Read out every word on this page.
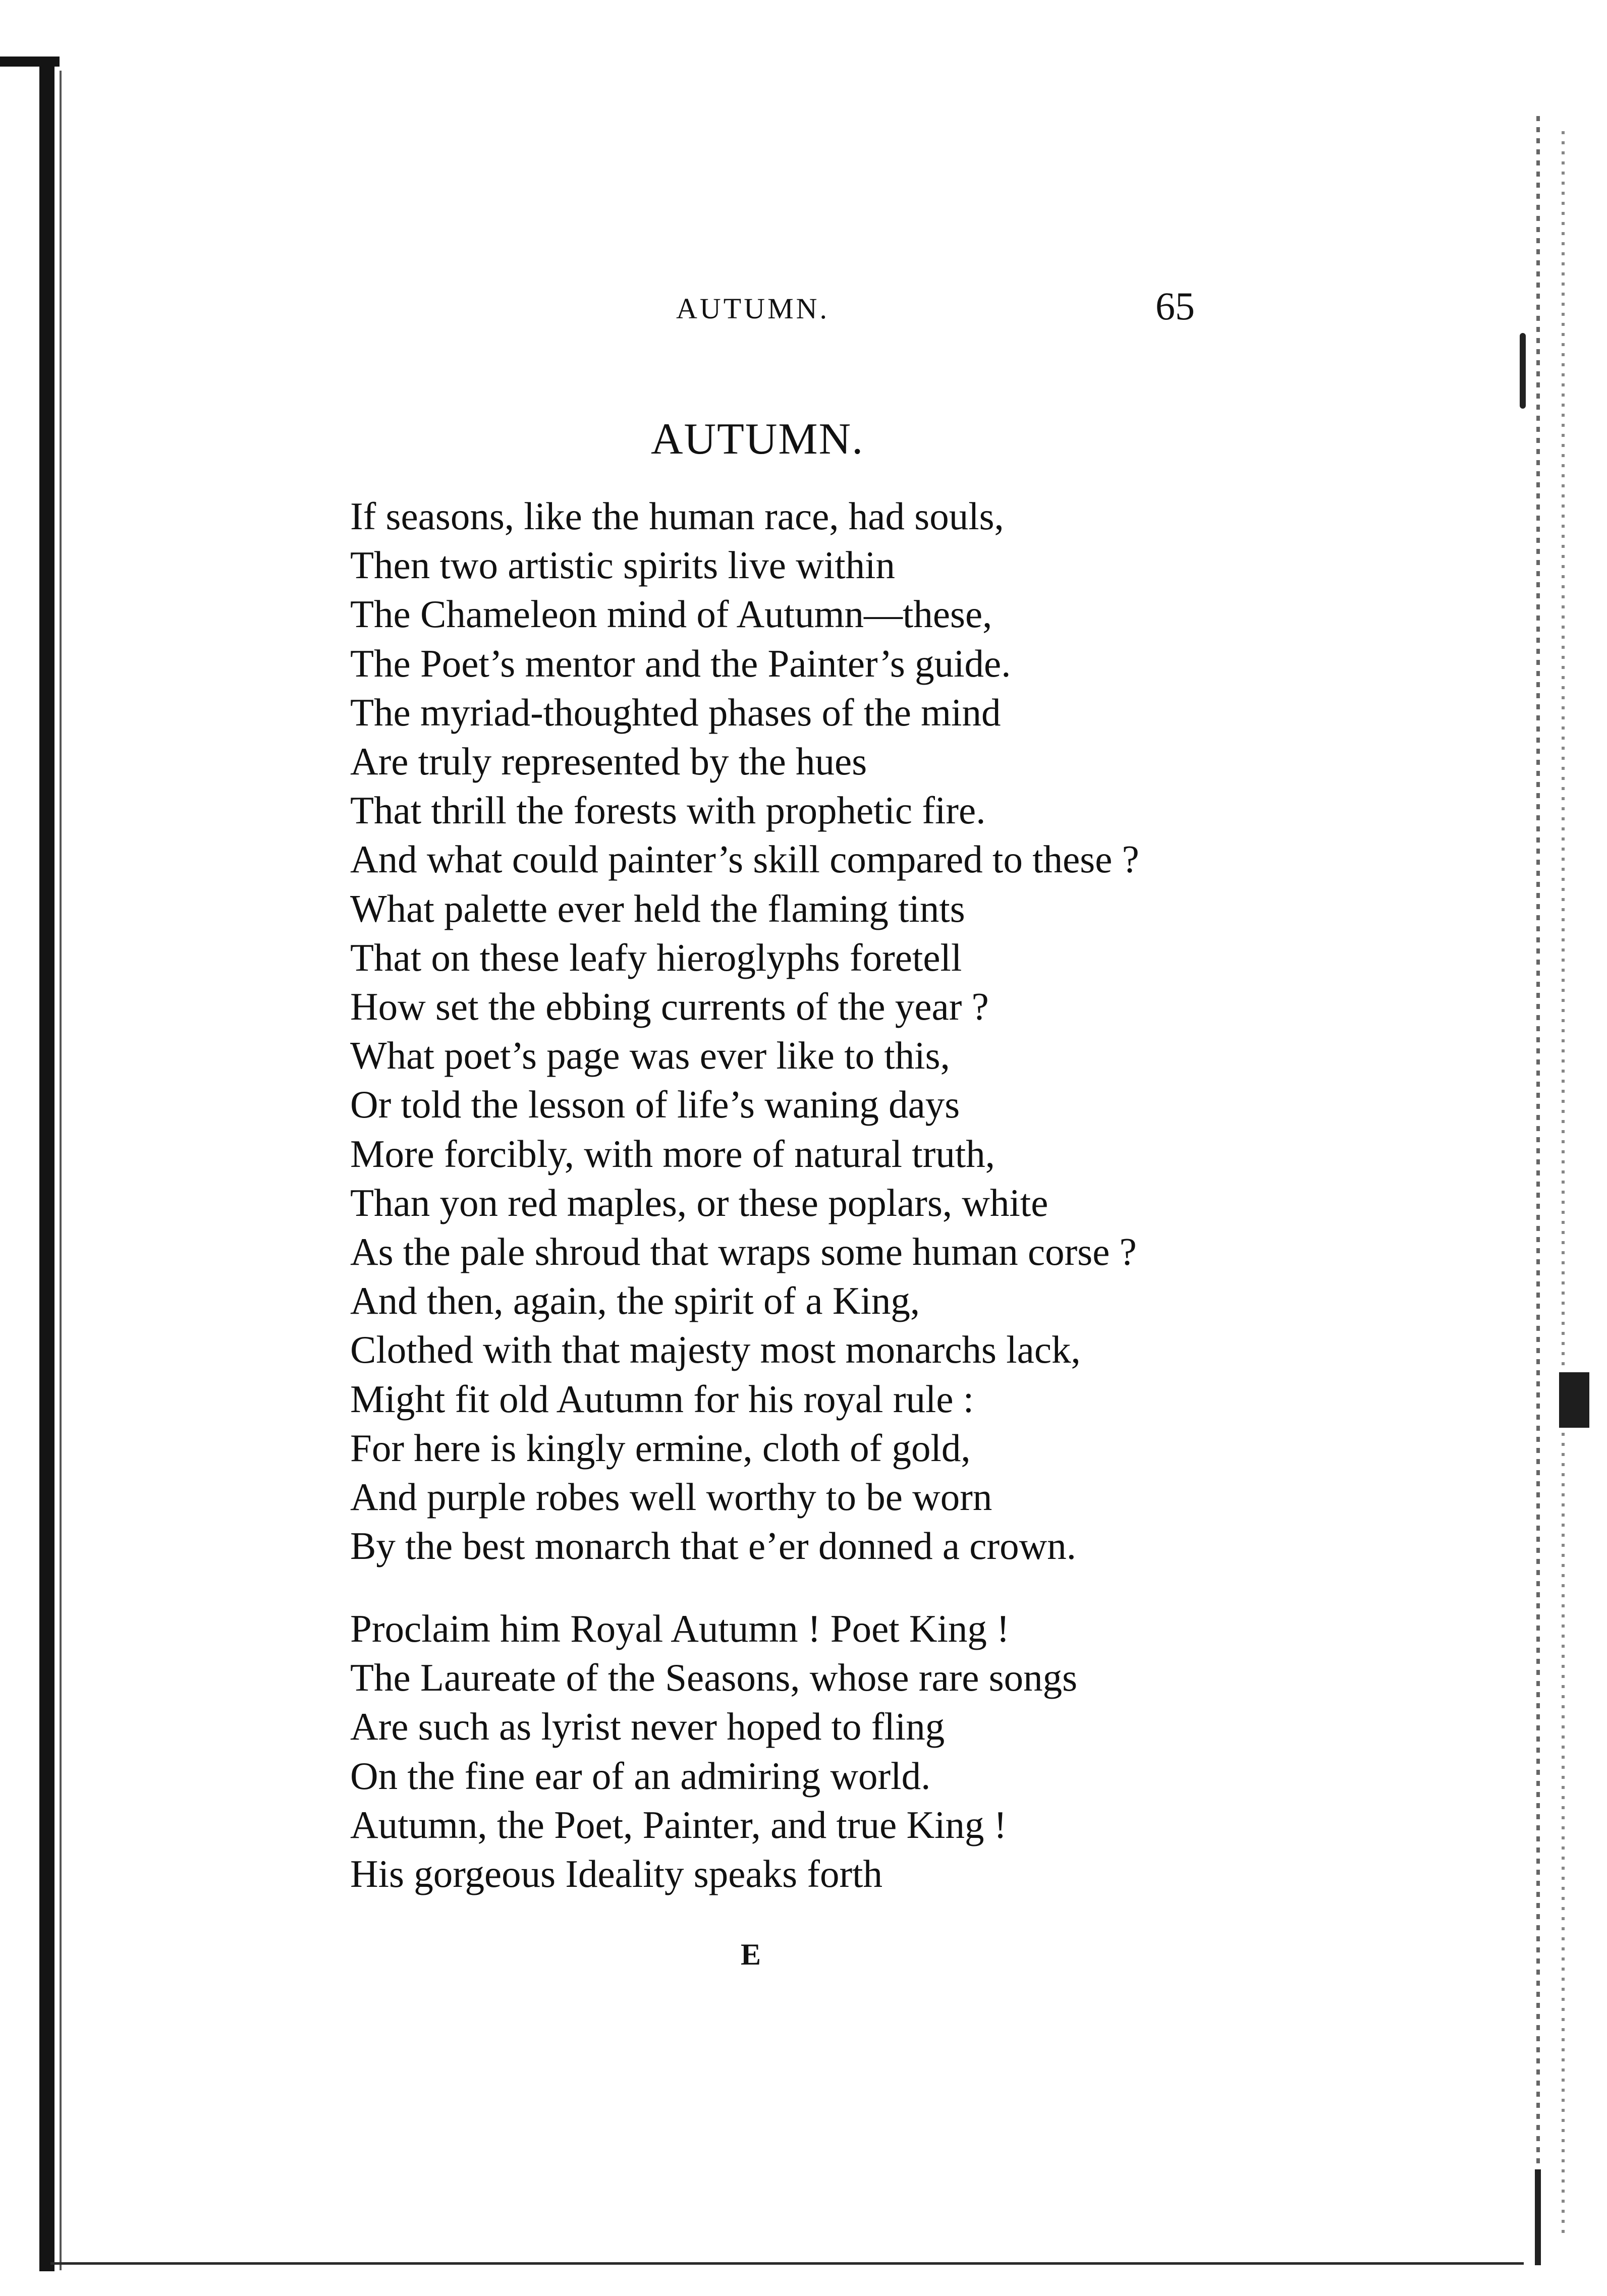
AUTUMN.	65
AUTUMN.
If seasons, like the human race, had souls,
Then two artistic spirits live within
The Chameleon mind of Autumn—these,
The Poet’s mentor and the Painter’s guide.
The myriad-thoughted phases of the mind
Are truly represented by the hues
That thrill the forests with prophetic fire.
And what could painter’s skill compared to these ?
What palette ever held the flaming tints
That on these leafy hieroglyphs foretell
How set the ebbing currents of the year ?
What poet’s page was ever like to this,
Or told the lesson of life’s waning days
More forcibly, with more of natural truth,
Than yon red maples, or these poplars, white
As the pale shroud that wraps some human corse ?
And then, again, the spirit of a King,
Clothed with that majesty most monarchs lack,
Might fit old Autumn for his royal rule :
For here is kingly ermine, cloth of gold,
And purple robes well worthy to be worn
By the best monarch that e’er donned a crown.
Proclaim him Royal Autumn ! Poet King !
The Laureate of the Seasons, whose rare songs
Are such as lyrist never hoped to fling
On the fine ear of an admiring world.
Autumn, the Poet, Painter, and true King !
His gorgeous Ideality speaks forth
E
